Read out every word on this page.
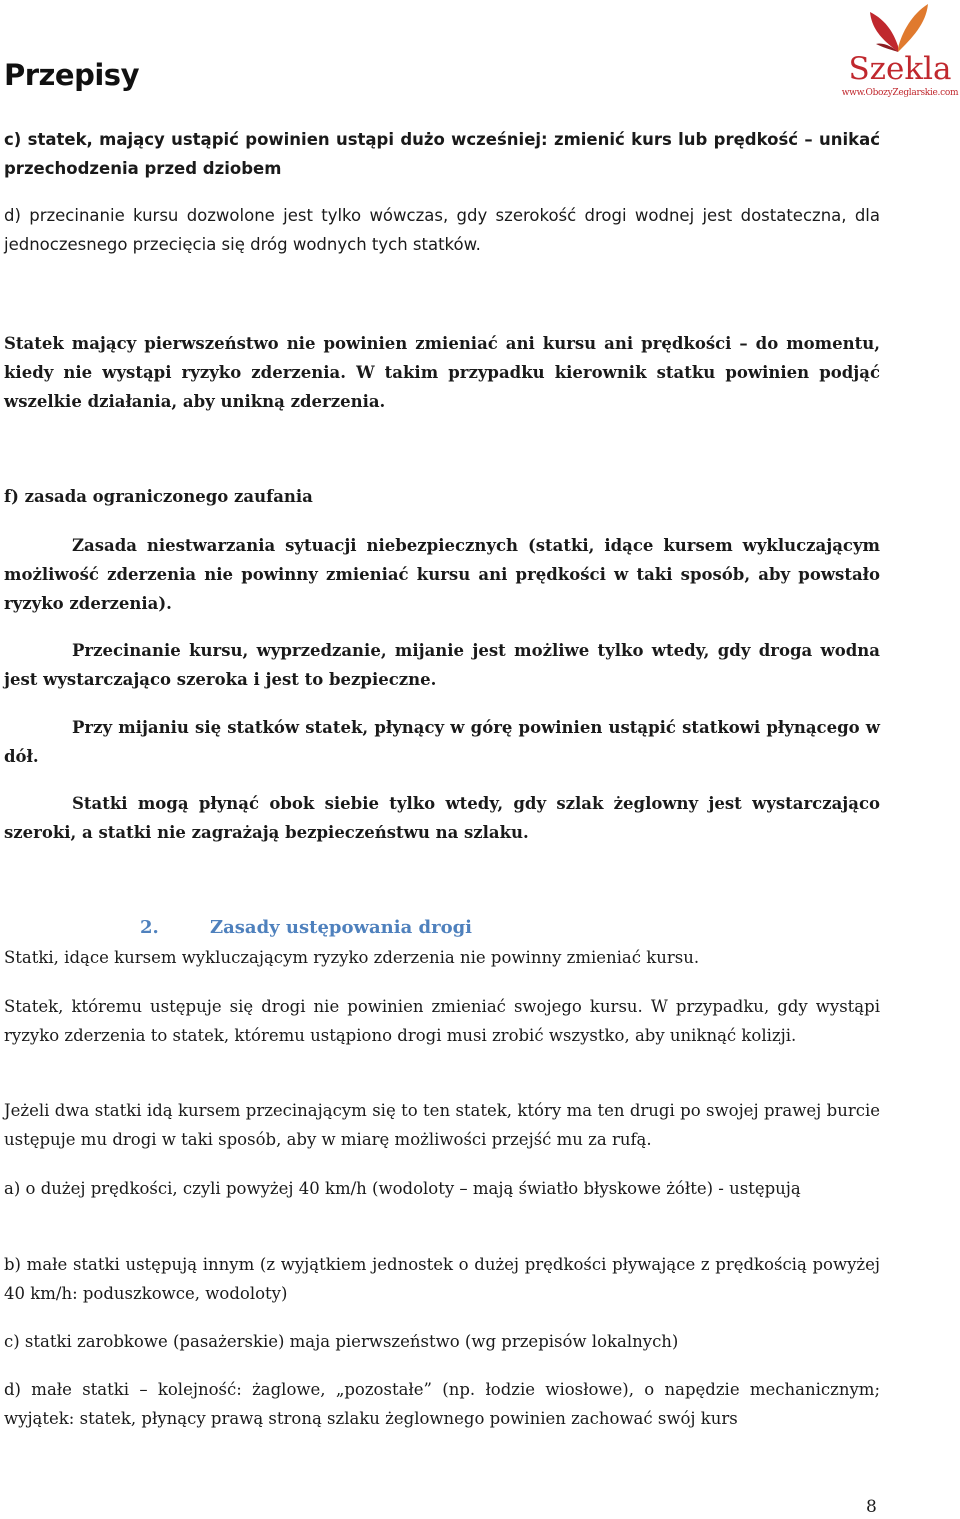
Przepisy	Szekla
www.ObozyZeglarskie.com

c) statek, mający ustąpić powinien ustąpi dużo wcześniej: zmienić kurs lub prędkość – unikać przechodzenia przed dziobem

d) przecinanie kursu dozwolone jest tylko wówczas, gdy szerokość drogi wodnej jest dostateczna, dla jednoczesnego przecięcia się dróg wodnych tych statków.

Statek mający pierwszeństwo nie powinien zmieniać ani kursu ani prędkości – do momentu, kiedy nie wystąpi ryzyko zderzenia. W takim przypadku kierownik statku powinien podjąć wszelkie działania, aby unikną zderzenia.

f) zasada ograniczonego zaufania

Zasada niestwarzania sytuacji niebezpiecznych (statki, idące kursem wykluczającym możliwość zderzenia nie powinny zmieniać kursu ani prędkości w taki sposób, aby powstało ryzyko zderzenia).

Przecinanie kursu, wyprzedzanie, mijanie jest możliwe tylko wtedy, gdy droga wodna jest wystarczająco szeroka i jest to bezpieczne.

Przy mijaniu się statków statek, płynący w górę powinien ustąpić statkowi płynącego w dół.

Statki mogą płynąć obok siebie tylko wtedy, gdy szlak żeglowny jest wystarczająco szeroki, a statki nie zagrażają bezpieczeństwu na szlaku.

2.	Zasady ustępowania drogi

Statki, idące kursem wykluczającym ryzyko zderzenia nie powinny zmieniać kursu.

Statek, któremu ustępuje się drogi nie powinien zmieniać swojego kursu. W przypadku, gdy wystąpi ryzyko zderzenia to statek, któremu ustąpiono drogi musi zrobić wszystko, aby uniknąć kolizji.

Jeżeli dwa statki idą kursem przecinającym się to ten statek, który ma ten drugi po swojej prawej burcie ustępuje mu drogi w taki sposób, aby w miarę możliwości przejść mu za rufą.

a) o dużej prędkości, czyli powyżej 40 km/h (wodoloty – mają światło błyskowe żółte) - ustępują

b) małe statki ustępują innym (z wyjątkiem jednostek o dużej prędkości pływające z prędkością powyżej 40 km/h: poduszkowce, wodoloty)

c) statki zarobkowe (pasażerskie) maja pierwszeństwo (wg przepisów lokalnych)

d) małe statki – kolejność: żaglowe, „pozostałe” (np. łodzie wiosłowe), o napędzie mechanicznym; wyjątek: statek, płynący prawą stroną szlaku żeglownego powinien zachować swój kurs

8
